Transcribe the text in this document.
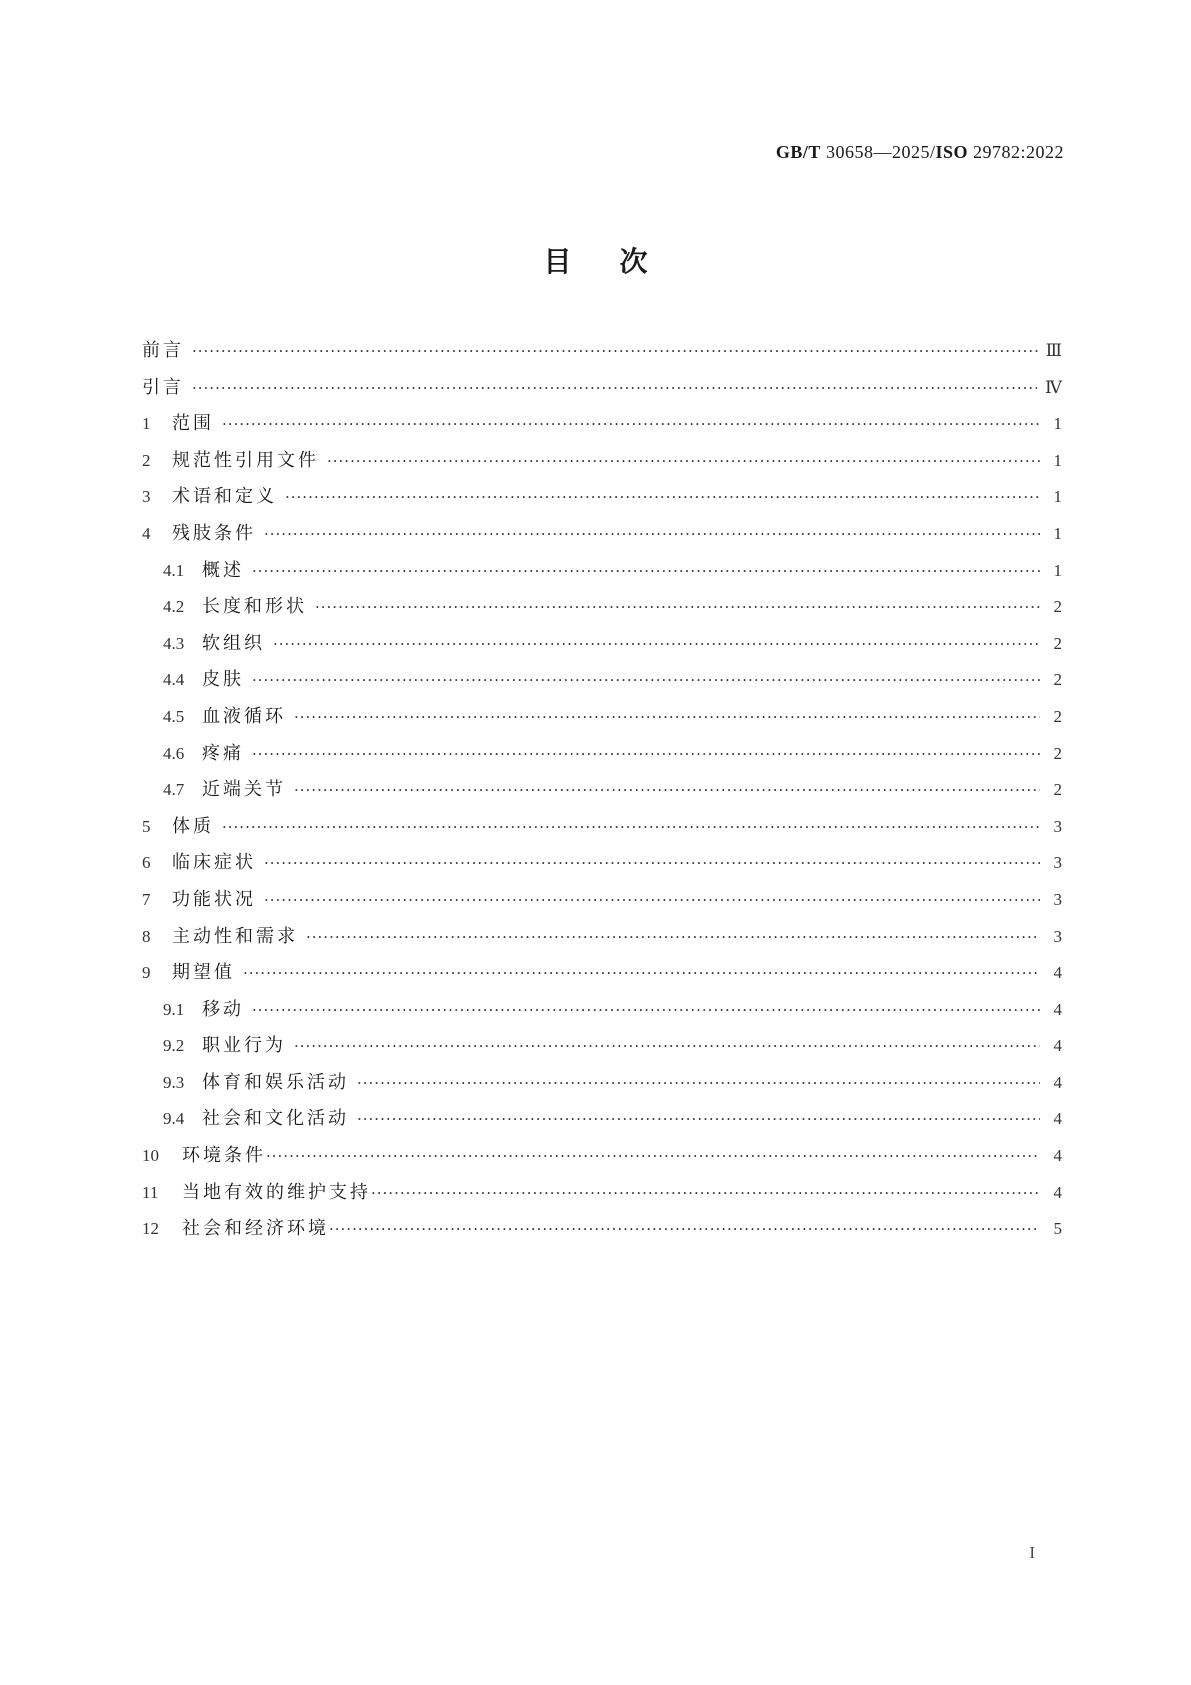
GB/T 30658—2025/ISO 29782:2022
目次
前言 ·····	Ⅲ
引言 ·····	Ⅳ
1	范围 ·····	1
2	规范性引用文件 ·····	1
3	术语和定义 ·····	1
4	残肢条件 ·····	1
4.1 概述 ·····	1
4.2 长度和形状 ·····	2
4.3 软组织 ·····	2
4.4 皮肤 ·····	2
4.5 血液循环 ·····	2
4.6 疼痛 ·····	2
4.7 近端关节 ·····	2
5	体质 ·····	3
6	临床症状 ·····	3
7	功能状况 ·····	3
8	主动性和需求 ·····	3
9	期望值 ·····	4
9.1 移动 ·····	4
9.2 职业行为 ·····	4
9.3 体育和娱乐活动 ·····	4
9.4 社会和文化活动 ·····	4
10	环境条件 ·····	4
11	当地有效的维护支持 ·····	4
12	社会和经济环境 ·····	5
I
